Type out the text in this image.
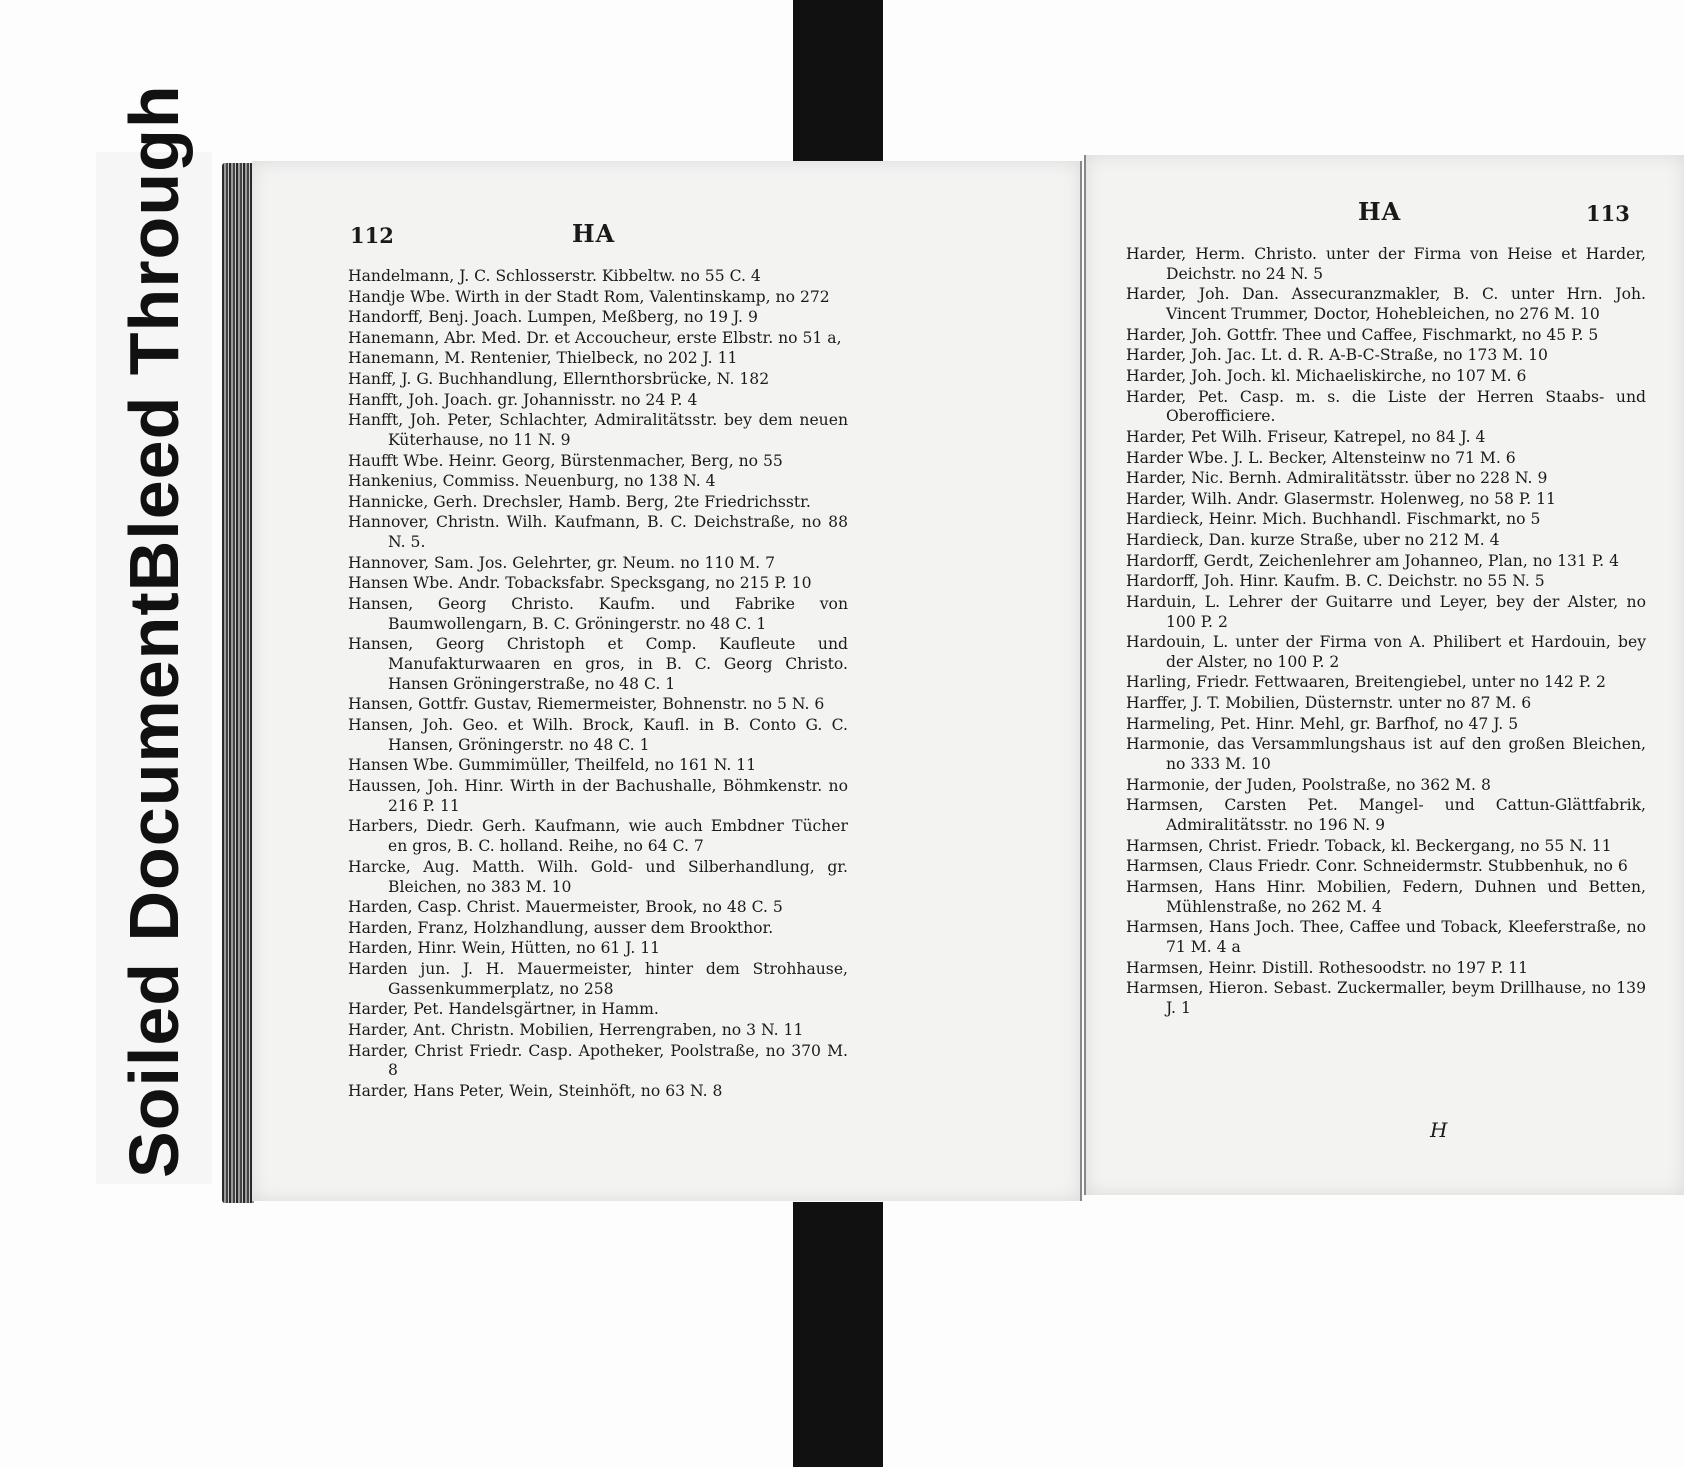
Soiled Document
Bleed Through	112	HA
Handelmann, J. C. Schlosserstr. Kibbeltw. no 55 C. 4
Handje Wbe. Wirth in der Stadt Rom, Valentinskamp, no 272
Handorff, Benj. Joach. Lumpen, Meßberg, no 19 J. 9
Hanemann, Abr. Med. Dr. et Accoucheur, erste Elbstr. no 51 a,
Hanemann, M. Rentenier, Thielbeck, no 202 J. 11
Hanff, J. G. Buchhandlung, Ellernthorsbrücke, N. 182
Hanfft, Joh. Joach. gr. Johannisstr. no 24 P. 4
Hanfft, Joh. Peter, Schlachter, Admiralitätsstr. bey dem neuen Küterhause, no 11 N. 9
Haufft Wbe. Heinr. Georg, Bürstenmacher, Berg, no 55
Hankenius, Commiss. Neuenburg, no 138 N. 4
Hannicke, Gerh. Drechsler, Hamb. Berg, 2te Friedrichsstr.
Hannover, Christn. Wilh. Kaufmann, B. C. Deichstraße, no 88 N. 5.
Hannover, Sam. Jos. Gelehrter, gr. Neum. no 110 M. 7
Hansen Wbe. Andr. Tobacksfabr. Specksgang, no 215 P. 10
Hansen, Georg Christo. Kaufm. und Fabrike von Baumwollengarn, B. C. Gröningerstr. no 48 C. 1
Hansen, Georg Christoph et Comp. Kaufleute und Manufakturwaaren en gros, in B. C. Georg Christo. Hansen Gröningerstraße, no 48 C. 1
Hansen, Gottfr. Gustav, Riemermeister, Bohnenstr. no 5 N. 6
Hansen, Joh. Geo. et Wilh. Brock, Kaufl. in B. Conto G. C. Hansen, Gröningerstr. no 48 C. 1
Hansen Wbe. Gummimüller, Theilfeld, no 161 N. 11
Haussen, Joh. Hinr. Wirth in der Bachushalle, Böhmkenstr. no 216 P. 11
Harbers, Diedr. Gerh. Kaufmann, wie auch Embdner Tücher en gros, B. C. holland. Reihe, no 64 C. 7
Harcke, Aug. Matth. Wilh. Gold- und Silberhandlung, gr. Bleichen, no 383 M. 10
Harden, Casp. Christ. Mauermeister, Brook, no 48 C. 5
Harden, Franz, Holzhandlung, ausser dem Brookthor.
Harden, Hinr. Wein, Hütten, no 61 J. 11
Harden jun. J. H. Mauermeister, hinter dem Strohhause, Gassenkummerplatz, no 258
Harder, Pet. Handelsgärtner, in Hamm.
Harder, Ant. Christn. Mobilien, Herrengraben, no 3 N. 11
Harder, Christ Friedr. Casp. Apotheker, Poolstraße, no 370 M. 8
Harder, Hans Peter, Wein, Steinhöft, no 63 N. 8
HA	113
Harder, Herm. Christo. unter der Firma von Heise et Harder, Deichstr. no 24 N. 5
Harder, Joh. Dan. Assecuranzmakler, B. C. unter Hrn. Joh. Vincent Trummer, Doctor, Hohebleichen, no 276 M. 10
Harder, Joh. Gottfr. Thee und Caffee, Fischmarkt, no 45 P. 5
Harder, Joh. Jac. Lt. d. R. A-B-C-Straße, no 173 M. 10
Harder, Joh. Joch. kl. Michaeliskirche, no 107 M. 6
Harder, Pet. Casp. m. s. die Liste der Herren Staabs- und Oberofficiere.
Harder, Pet Wilh. Friseur, Katrepel, no 84 J. 4
Harder Wbe. J. L. Becker, Altensteinw no 71 M. 6
Harder, Nic. Bernh. Admiralitätsstr. über no 228 N. 9
Harder, Wilh. Andr. Glasermstr. Holenweg, no 58 P. 11
Hardieck, Heinr. Mich. Buchhandl. Fischmarkt, no 5
Hardieck, Dan. kurze Straße, uber no 212 M. 4
Hardorff, Gerdt, Zeichenlehrer am Johanneo, Plan, no 131 P. 4
Hardorff, Joh. Hinr. Kaufm. B. C. Deichstr. no 55 N. 5
Harduin, L. Lehrer der Guitarre und Leyer, bey der Alster, no 100 P. 2
Hardouin, L. unter der Firma von A. Philibert et Hardouin, bey der Alster, no 100 P. 2
Harling, Friedr. Fettwaaren, Breitengiebel, unter no 142 P. 2
Harffer, J. T. Mobilien, Düsternstr. unter no 87 M. 6
Harmeling, Pet. Hinr. Mehl, gr. Barfhof, no 47 J. 5
Harmonie, das Versammlungshaus ist auf den großen Bleichen, no 333 M. 10
Harmonie, der Juden, Poolstraße, no 362 M. 8
Harmsen, Carsten Pet. Mangel- und Cattun-Glättfabrik, Admiralitätsstr. no 196 N. 9
Harmsen, Christ. Friedr. Toback, kl. Beckergang, no 55 N. 11
Harmsen, Claus Friedr. Conr. Schneidermstr. Stubbenhuk, no 6
Harmsen, Hans Hinr. Mobilien, Federn, Duhnen und Betten, Mühlenstraße, no 262 M. 4
Harmsen, Hans Joch. Thee, Caffee und Toback, Kleeferstraße, no 71 M. 4 a
Harmsen, Heinr. Distill. Rothesoodstr. no 197 P. 11
Harmsen, Hieron. Sebast. Zuckermaller, beym Drillhause, no 139 J. 1
H
